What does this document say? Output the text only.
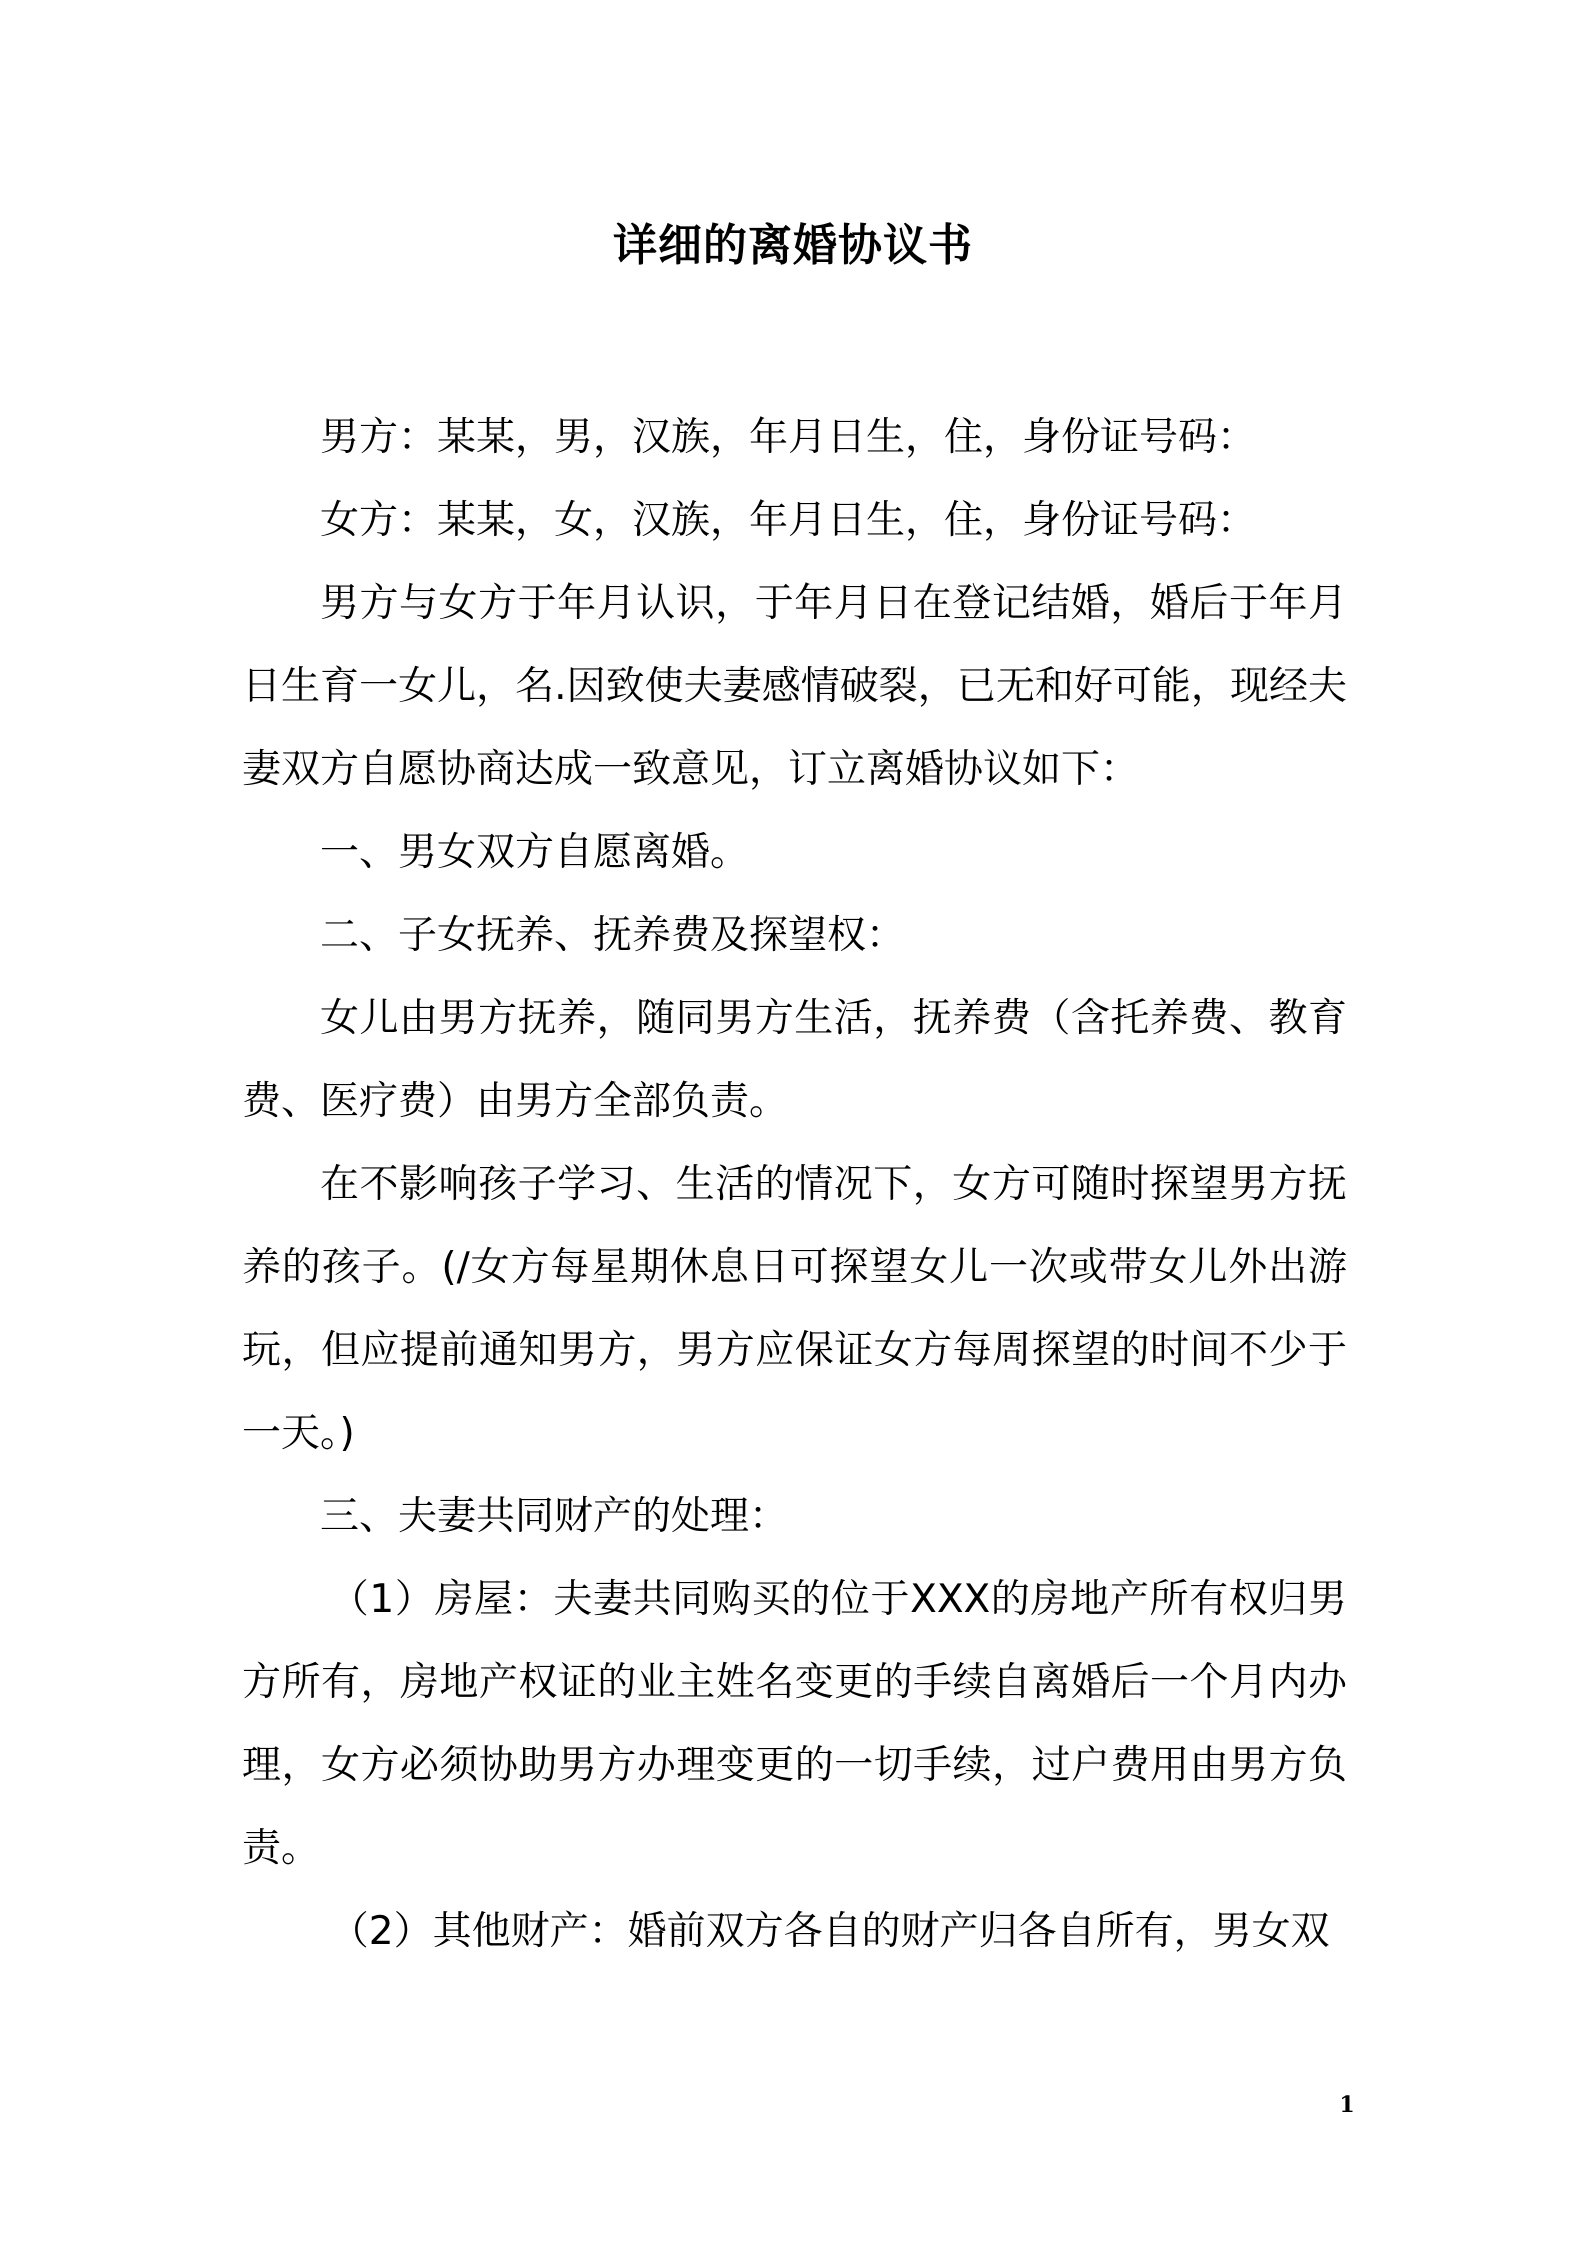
详细的离婚协议书

男方：某某，男，汉族，年月日生，住，身份证号码：

女方：某某，女，汉族，年月日生，住，身份证号码：

男方与女方于年月认识，于年月日在登记结婚，婚后于年月日生育一女儿，名.因致使夫妻感情破裂，已无和好可能，现经夫妻双方自愿协商达成一致意见，订立离婚协议如下：

一、男女双方自愿离婚。

二、子女抚养、抚养费及探望权：

女儿由男方抚养，随同男方生活，抚养费（含托养费、教育费、医疗费）由男方全部负责。

在不影响孩子学习、生活的情况下，女方可随时探望男方抚养的孩子。(/女方每星期休息日可探望女儿一次或带女儿外出游玩，但应提前通知男方，男方应保证女方每周探望的时间不少于一天。)

三、夫妻共同财产的处理：

（1）房屋：夫妻共同购买的位于XXX的房地产所有权归男方所有，房地产权证的业主姓名变更的手续自离婚后一个月内办理，女方必须协助男方办理变更的一切手续，过户费用由男方负责。

（2）其他财产：婚前双方各自的财产归各自所有，男女双

1
